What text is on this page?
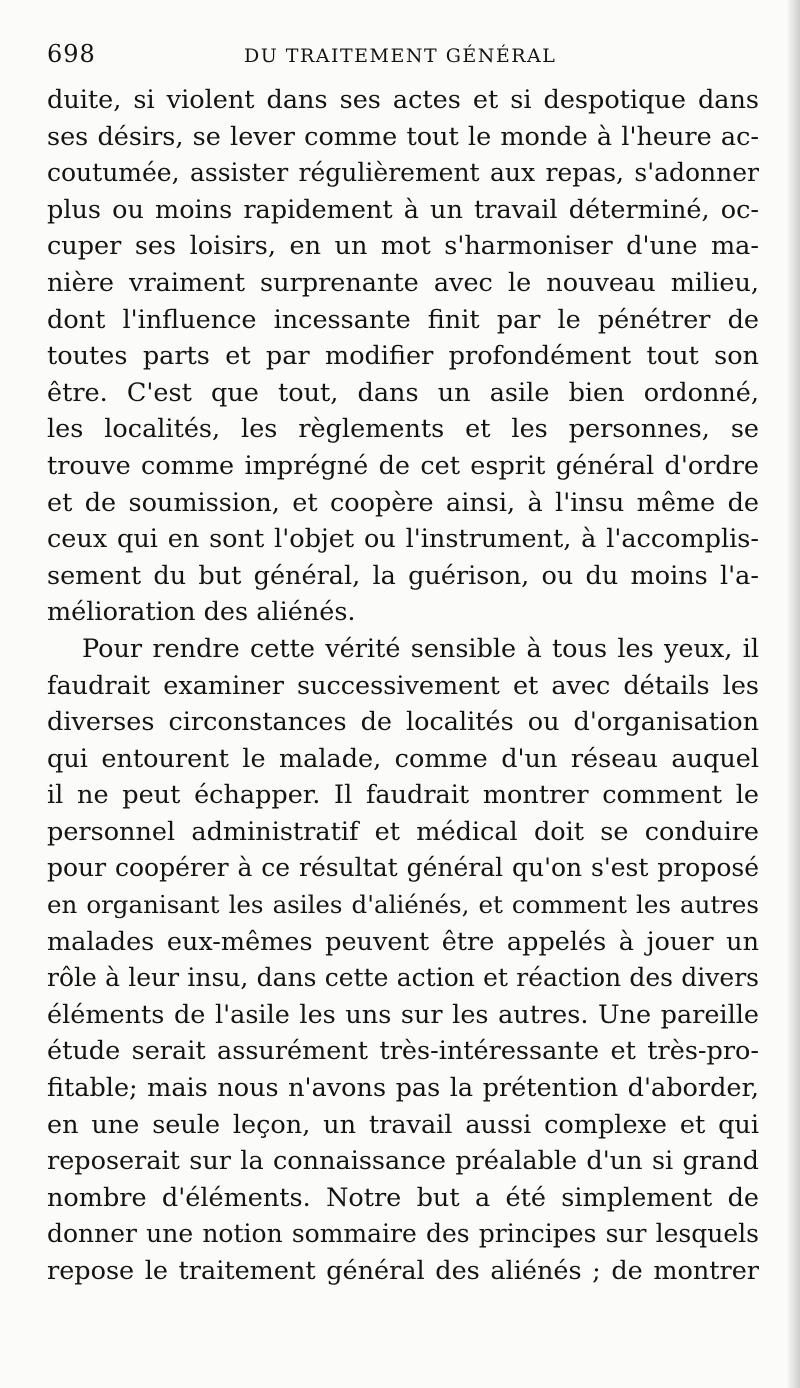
698	DU TRAITEMENT GÉNÉRAL
duite, si violent dans ses actes et si despotique dans
ses désirs, se lever comme tout le monde à l'heure ac-
coutumée, assister régulièrement aux repas, s'adonner
plus ou moins rapidement à un travail déterminé, oc-
cuper ses loisirs, en un mot s'harmoniser d'une ma-
nière vraiment surprenante avec le nouveau milieu,
dont l'influence incessante finit par le pénétrer de
toutes parts et par modifier profondément tout son
être. C'est que tout, dans un asile bien ordonné,
les localités, les règlements et les personnes, se
trouve comme imprégné de cet esprit général d'ordre
et de soumission, et coopère ainsi, à l'insu même de
ceux qui en sont l'objet ou l'instrument, à l'accomplis-
sement du but général, la guérison, ou du moins l'a-
mélioration des aliénés.
Pour rendre cette vérité sensible à tous les yeux, il
faudrait examiner successivement et avec détails les
diverses circonstances de localités ou d'organisation
qui entourent le malade, comme d'un réseau auquel
il ne peut échapper. Il faudrait montrer comment le
personnel administratif et médical doit se conduire
pour coopérer à ce résultat général qu'on s'est proposé
en organisant les asiles d'aliénés, et comment les autres
malades eux-mêmes peuvent être appelés à jouer un
rôle à leur insu, dans cette action et réaction des divers
éléments de l'asile les uns sur les autres. Une pareille
étude serait assurément très-intéressante et très-pro-
fitable; mais nous n'avons pas la prétention d'aborder,
en une seule leçon, un travail aussi complexe et qui
reposerait sur la connaissance préalable d'un si grand
nombre d'éléments. Notre but a été simplement de
donner une notion sommaire des principes sur lesquels
repose le traitement général des aliénés ; de montrer
